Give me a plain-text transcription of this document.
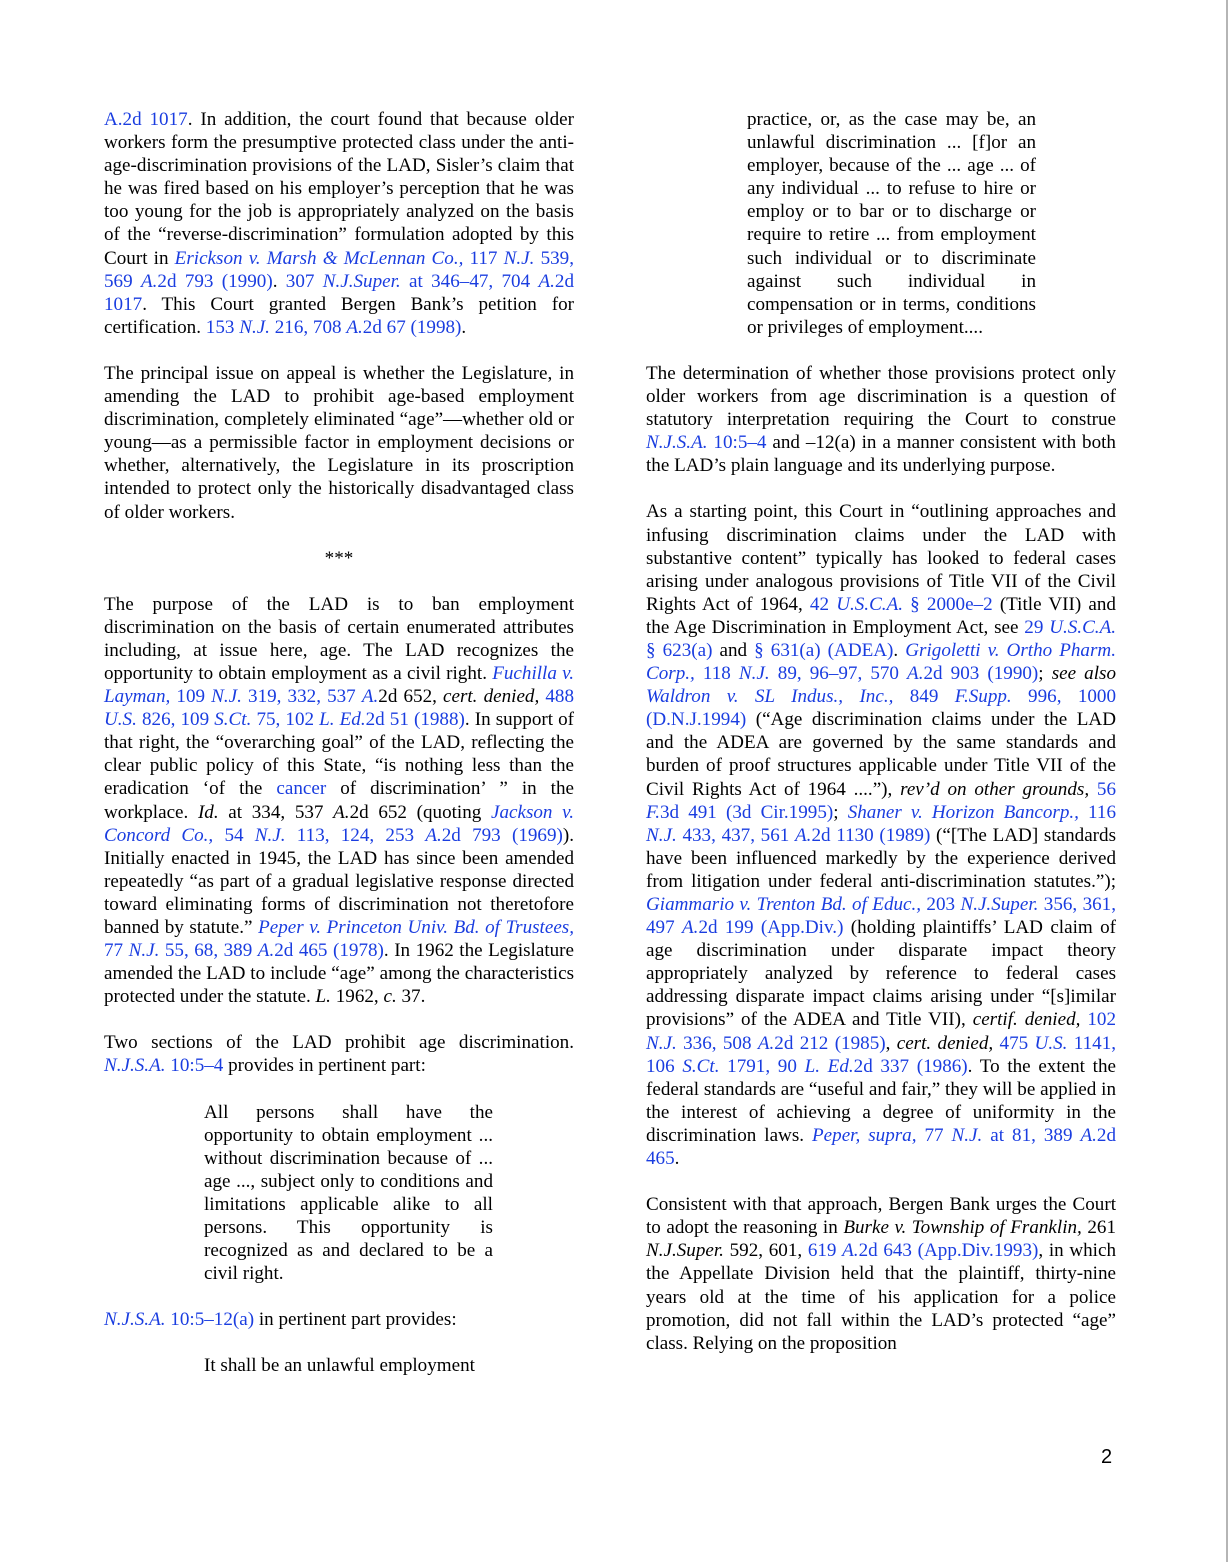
A.2d 1017. In addition, the court found that because older workers form the presumptive protected class under the anti-age-discrimination provisions of the LAD, Sisler’s claim that he was fired based on his employer’s perception that he was too young for the job is appropriately analyzed on the basis of the “reverse-discrimination” formulation adopted by this Court in Erickson v. Marsh & McLennan Co., 117 N.J. 539, 569 A.2d 793 (1990). 307 N.J.Super. at 346–47, 704 A.2d 1017. This Court granted Bergen Bank’s petition for certification. 153 N.J. 216, 708 A.2d 67 (1998).

The principal issue on appeal is whether the Legislature, in amending the LAD to prohibit age-based employment discrimination, completely eliminated “age”—whether old or young—as a permissible factor in employment decisions or whether, alternatively, the Legislature in its proscription intended to protect only the historically disadvantaged class of older workers.

***

The purpose of the LAD is to ban employment discrimination on the basis of certain enumerated attributes including, at issue here, age. The LAD recognizes the opportunity to obtain employment as a civil right. Fuchilla v. Layman, 109 N.J. 319, 332, 537 A.2d 652, cert. denied, 488 U.S. 826, 109 S.Ct. 75, 102 L. Ed.2d 51 (1988). In support of that right, the “overarching goal” of the LAD, reflecting the clear public policy of this State, “is nothing less than the eradication ‘of the cancer of discrimination’ ” in the workplace. Id. at 334, 537 A.2d 652 (quoting Jackson v. Concord Co., 54 N.J. 113, 124, 253 A.2d 793 (1969)). Initially enacted in 1945, the LAD has since been amended repeatedly “as part of a gradual legislative response directed toward eliminating forms of discrimination not theretofore banned by statute.” Peper v. Princeton Univ. Bd. of Trustees, 77 N.J. 55, 68, 389 A.2d 465 (1978). In 1962 the Legislature amended the LAD to include “age” among the characteristics protected under the statute. L. 1962, c. 37.

Two sections of the LAD prohibit age discrimination. N.J.S.A. 10:5–4 provides in pertinent part:

All persons shall have the opportunity to obtain employment ... without discrimination because of ... age ..., subject only to conditions and limitations applicable alike to all persons. This opportunity is recognized as and declared to be a civil right.

N.J.S.A. 10:5–12(a) in pertinent part provides:

It shall be an unlawful employment
practice, or, as the case may be, an unlawful discrimination ... [f]or an employer, because of the ... age ... of any individual ... to refuse to hire or employ or to bar or to discharge or require to retire ... from employment such individual or to discriminate against such individual in compensation or in terms, conditions or privileges of employment....

The determination of whether those provisions protect only older workers from age discrimination is a question of statutory interpretation requiring the Court to construe N.J.S.A. 10:5–4 and –12(a) in a manner consistent with both the LAD’s plain language and its underlying purpose.

As a starting point, this Court in “outlining approaches and infusing discrimination claims under the LAD with substantive content” typically has looked to federal cases arising under analogous provisions of Title VII of the Civil Rights Act of 1964, 42 U.S.C.A. § 2000e–2 (Title VII) and the Age Discrimination in Employment Act, see 29 U.S.C.A. § 623(a) and § 631(a) (ADEA). Grigoletti v. Ortho Pharm. Corp., 118 N.J. 89, 96–97, 570 A.2d 903 (1990); see also Waldron v. SL Indus., Inc., 849 F.Supp. 996, 1000 (D.N.J.1994) (“Age discrimination claims under the LAD and the ADEA are governed by the same standards and burden of proof structures applicable under Title VII of the Civil Rights Act of 1964 ....”), rev’d on other grounds, 56 F.3d 491 (3d Cir.1995); Shaner v. Horizon Bancorp., 116 N.J. 433, 437, 561 A.2d 1130 (1989) (“[The LAD] standards have been influenced markedly by the experience derived from litigation under federal anti-discrimination statutes.”); Giammario v. Trenton Bd. of Educ., 203 N.J.Super. 356, 361, 497 A.2d 199 (App.Div.) (holding plaintiffs’ LAD claim of age discrimination under disparate impact theory appropriately analyzed by reference to federal cases addressing disparate impact claims arising under “[s]imilar provisions” of the ADEA and Title VII), certif. denied, 102 N.J. 336, 508 A.2d 212 (1985), cert. denied, 475 U.S. 1141, 106 S.Ct. 1791, 90 L. Ed.2d 337 (1986). To the extent the federal standards are “useful and fair,” they will be applied in the interest of achieving a degree of uniformity in the discrimination laws. Peper, supra, 77 N.J. at 81, 389 A.2d 465.

Consistent with that approach, Bergen Bank urges the Court to adopt the reasoning in Burke v. Township of Franklin, 261 N.J.Super. 592, 601, 619 A.2d 643 (App.Div.1993), in which the Appellate Division held that the plaintiff, thirty-nine years old at the time of his application for a police promotion, did not fall within the LAD’s protected “age” class. Relying on the proposition

2
